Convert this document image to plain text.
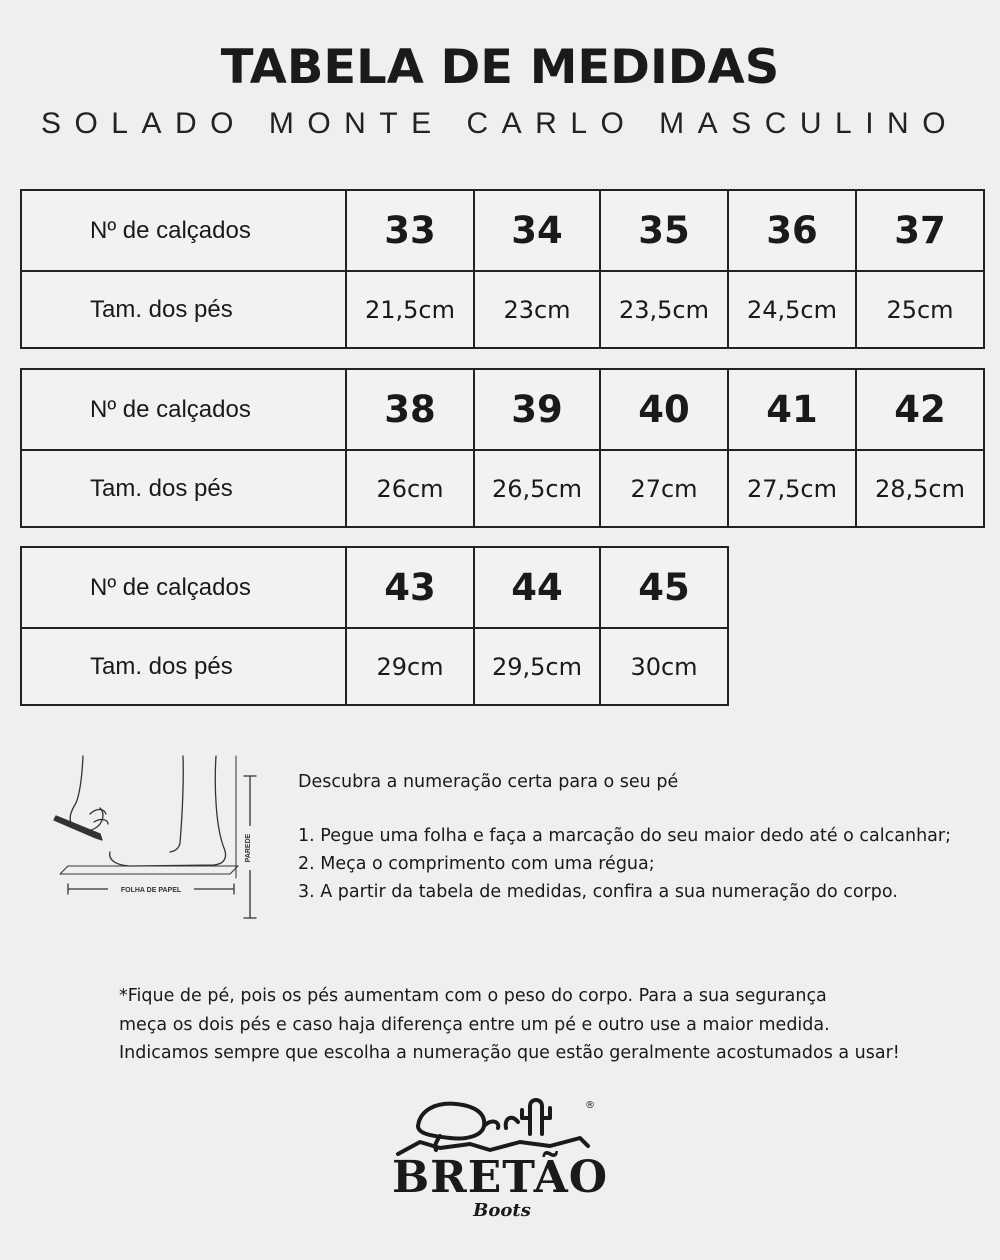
TABELA DE MEDIDAS
SOLADO MONTE CARLO MASCULINO
Nº de calçados	33	34	35	36	37
Tam. dos pés	21,5cm	23cm	23,5cm	24,5cm	25cm
Nº de calçados	38	39	40	41	42
Tam. dos pés	26cm	26,5cm	27cm	27,5cm	28,5cm
Nº de calçados	43	44	45
Tam. dos pés	29cm	29,5cm	30cm
PAREDE
FOLHA DE PAPEL
Descubra a numeração certa para o seu pé
1. Pegue uma folha e faça a marcação do seu maior dedo até o calcanhar;
2. Meça o comprimento com uma régua;
3. A partir da tabela de medidas, confira a sua numeração do corpo.
*Fique de pé, pois os pés aumentam com o peso do corpo. Para a sua segurança
meça os dois pés e caso haja diferença entre um pé e outro use a maior medida.
Indicamos sempre que escolha a numeração que estão geralmente acostumados a usar!
®
BRETÃO
Boots
